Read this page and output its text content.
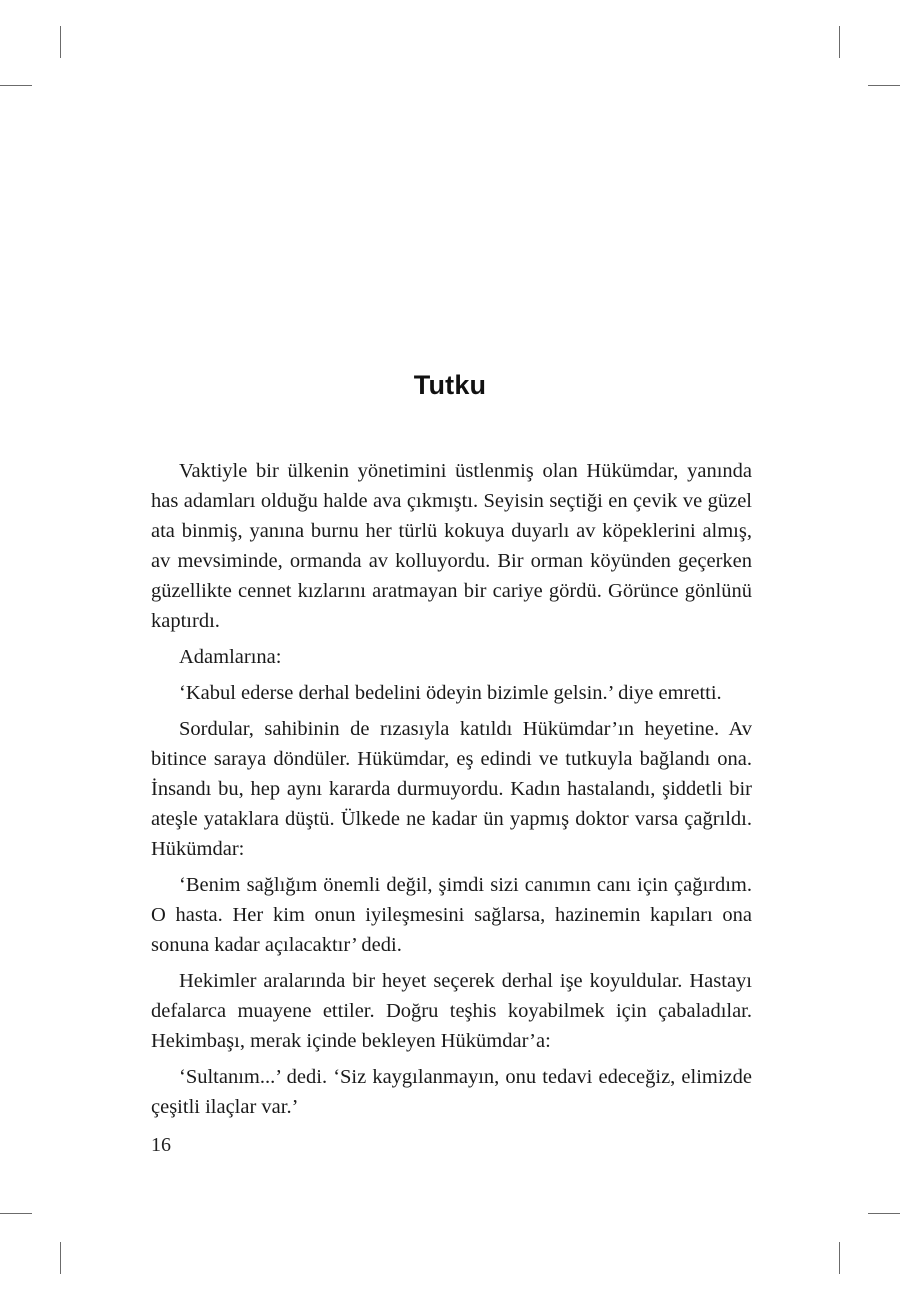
Tutku

Vaktiyle bir ülkenin yönetimini üstlenmiş olan Hükümdar, yanında has adamları olduğu halde ava çıkmıştı. Seyisin seçtiği en çevik ve güzel ata binmiş, yanına burnu her türlü kokuya duyarlı av köpeklerini almış, av mevsiminde, ormanda av kolluyordu. Bir orman köyünden geçerken güzellikte cennet kızlarını aratmayan bir cariye gördü. Görünce gönlünü kaptırdı.

Adamlarına:

‘Kabul ederse derhal bedelini ödeyin bizimle gelsin.’ diye emretti.

Sordular, sahibinin de rızasıyla katıldı Hükümdar’ın heyetine. Av bitince saraya döndüler. Hükümdar, eş edindi ve tutkuyla bağlandı ona. İnsandı bu, hep aynı kararda durmuyordu. Kadın hastalandı, şiddetli bir ateşle yataklara düştü. Ülkede ne kadar ün yapmış doktor varsa çağrıldı. Hükümdar:

‘Benim sağlığım önemli değil, şimdi sizi canımın canı için çağırdım. O hasta. Her kim onun iyileşmesini sağlarsa, hazinemin kapıları ona sonuna kadar açılacaktır’ dedi.

Hekimler aralarında bir heyet seçerek derhal işe koyuldular. Hastayı defalarca muayene ettiler. Doğru teşhis koyabilmek için çabaladılar. Hekimbaşı, merak içinde bekleyen Hükümdar’a:

‘Sultanım...’ dedi. ‘Siz kaygılanmayın, onu tedavi edeceğiz, elimizde çeşitli ilaçlar var.’

16
